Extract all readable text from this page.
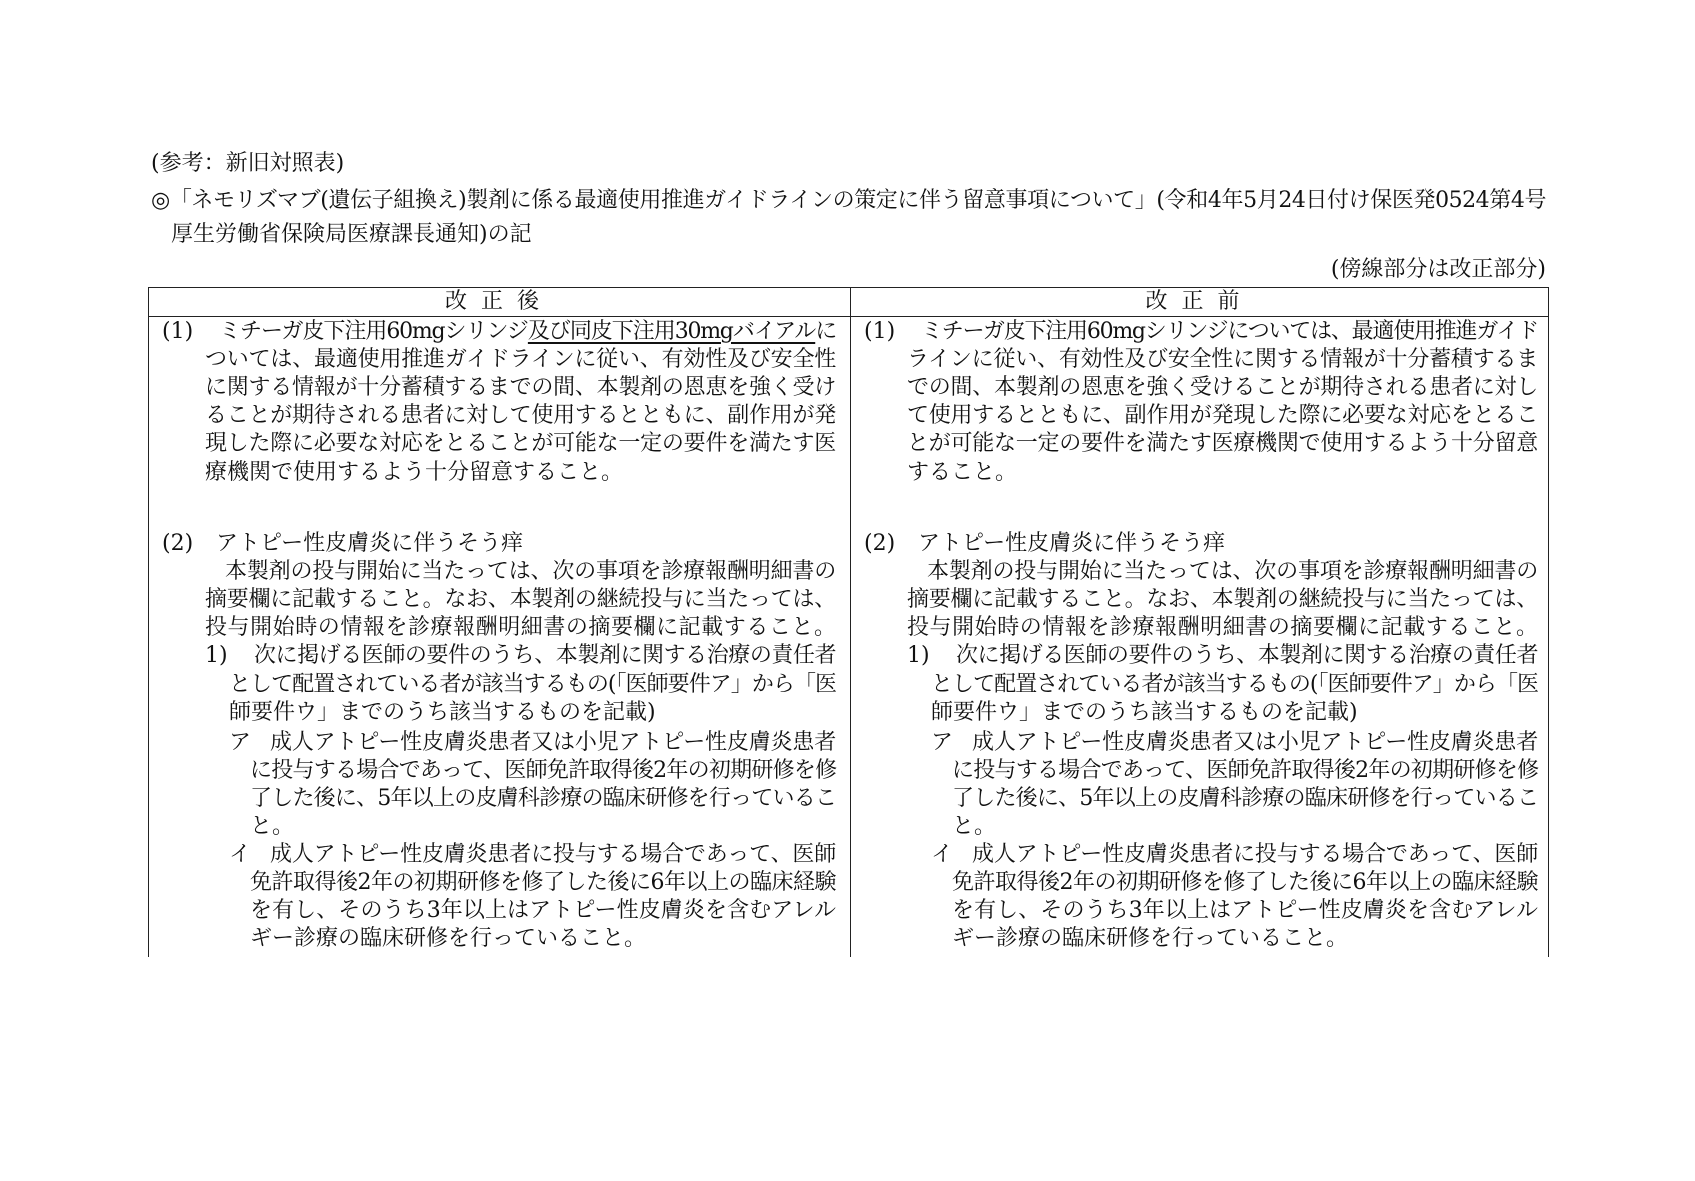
(参考：新旧対照表)
◎「ネモリズマブ(遺伝子組換え)製剤に係る最適使用推進ガイドラインの策定に伴う留意事項について」(令和4年5月24日付け保医発0524第4号
厚生労働省保険局医療課長通知)の記
(傍線部分は改正部分)
改正後	改正前
(1) ミチーガ皮下注用60mgシリンジ及び同皮下注用30mgバイアルに
ついては、最適使用推進ガイドラインに従い、有効性及び安全性
に関する情報が十分蓄積するまでの間、本製剤の恩恵を強く受け
ることが期待される患者に対して使用するとともに、副作用が発
現した際に必要な対応をとることが可能な一定の要件を満たす医
療機関で使用するよう十分留意すること。
(2) アトピー性皮膚炎に伴うそう痒
本製剤の投与開始に当たっては、次の事項を診療報酬明細書の
摘要欄に記載すること。なお、本製剤の継続投与に当たっては、
投与開始時の情報を診療報酬明細書の摘要欄に記載すること。
1) 次に掲げる医師の要件のうち、本製剤に関する治療の責任者
として配置されている者が該当するもの(「医師要件ア」から「医
師要件ウ」までのうち該当するものを記載)
ア 成人アトピー性皮膚炎患者又は小児アトピー性皮膚炎患者
に投与する場合であって、医師免許取得後2年の初期研修を修
了した後に、5年以上の皮膚科診療の臨床研修を行っているこ
と。
イ 成人アトピー性皮膚炎患者に投与する場合であって、医師
免許取得後2年の初期研修を修了した後に6年以上の臨床経験
を有し、そのうち3年以上はアトピー性皮膚炎を含むアレル
ギー診療の臨床研修を行っていること。
(1) ミチーガ皮下注用60mgシリンジについては、最適使用推進ガイド
ラインに従い、有効性及び安全性に関する情報が十分蓄積するま
での間、本製剤の恩恵を強く受けることが期待される患者に対し
て使用するとともに、副作用が発現した際に必要な対応をとるこ
とが可能な一定の要件を満たす医療機関で使用するよう十分留意
すること。
(2) アトピー性皮膚炎に伴うそう痒
本製剤の投与開始に当たっては、次の事項を診療報酬明細書の
摘要欄に記載すること。なお、本製剤の継続投与に当たっては、
投与開始時の情報を診療報酬明細書の摘要欄に記載すること。
1) 次に掲げる医師の要件のうち、本製剤に関する治療の責任者
として配置されている者が該当するもの(「医師要件ア」から「医
師要件ウ」までのうち該当するものを記載)
ア 成人アトピー性皮膚炎患者又は小児アトピー性皮膚炎患者
に投与する場合であって、医師免許取得後2年の初期研修を修
了した後に、5年以上の皮膚科診療の臨床研修を行っているこ
と。
イ 成人アトピー性皮膚炎患者に投与する場合であって、医師
免許取得後2年の初期研修を修了した後に6年以上の臨床経験
を有し、そのうち3年以上はアトピー性皮膚炎を含むアレル
ギー診療の臨床研修を行っていること。
